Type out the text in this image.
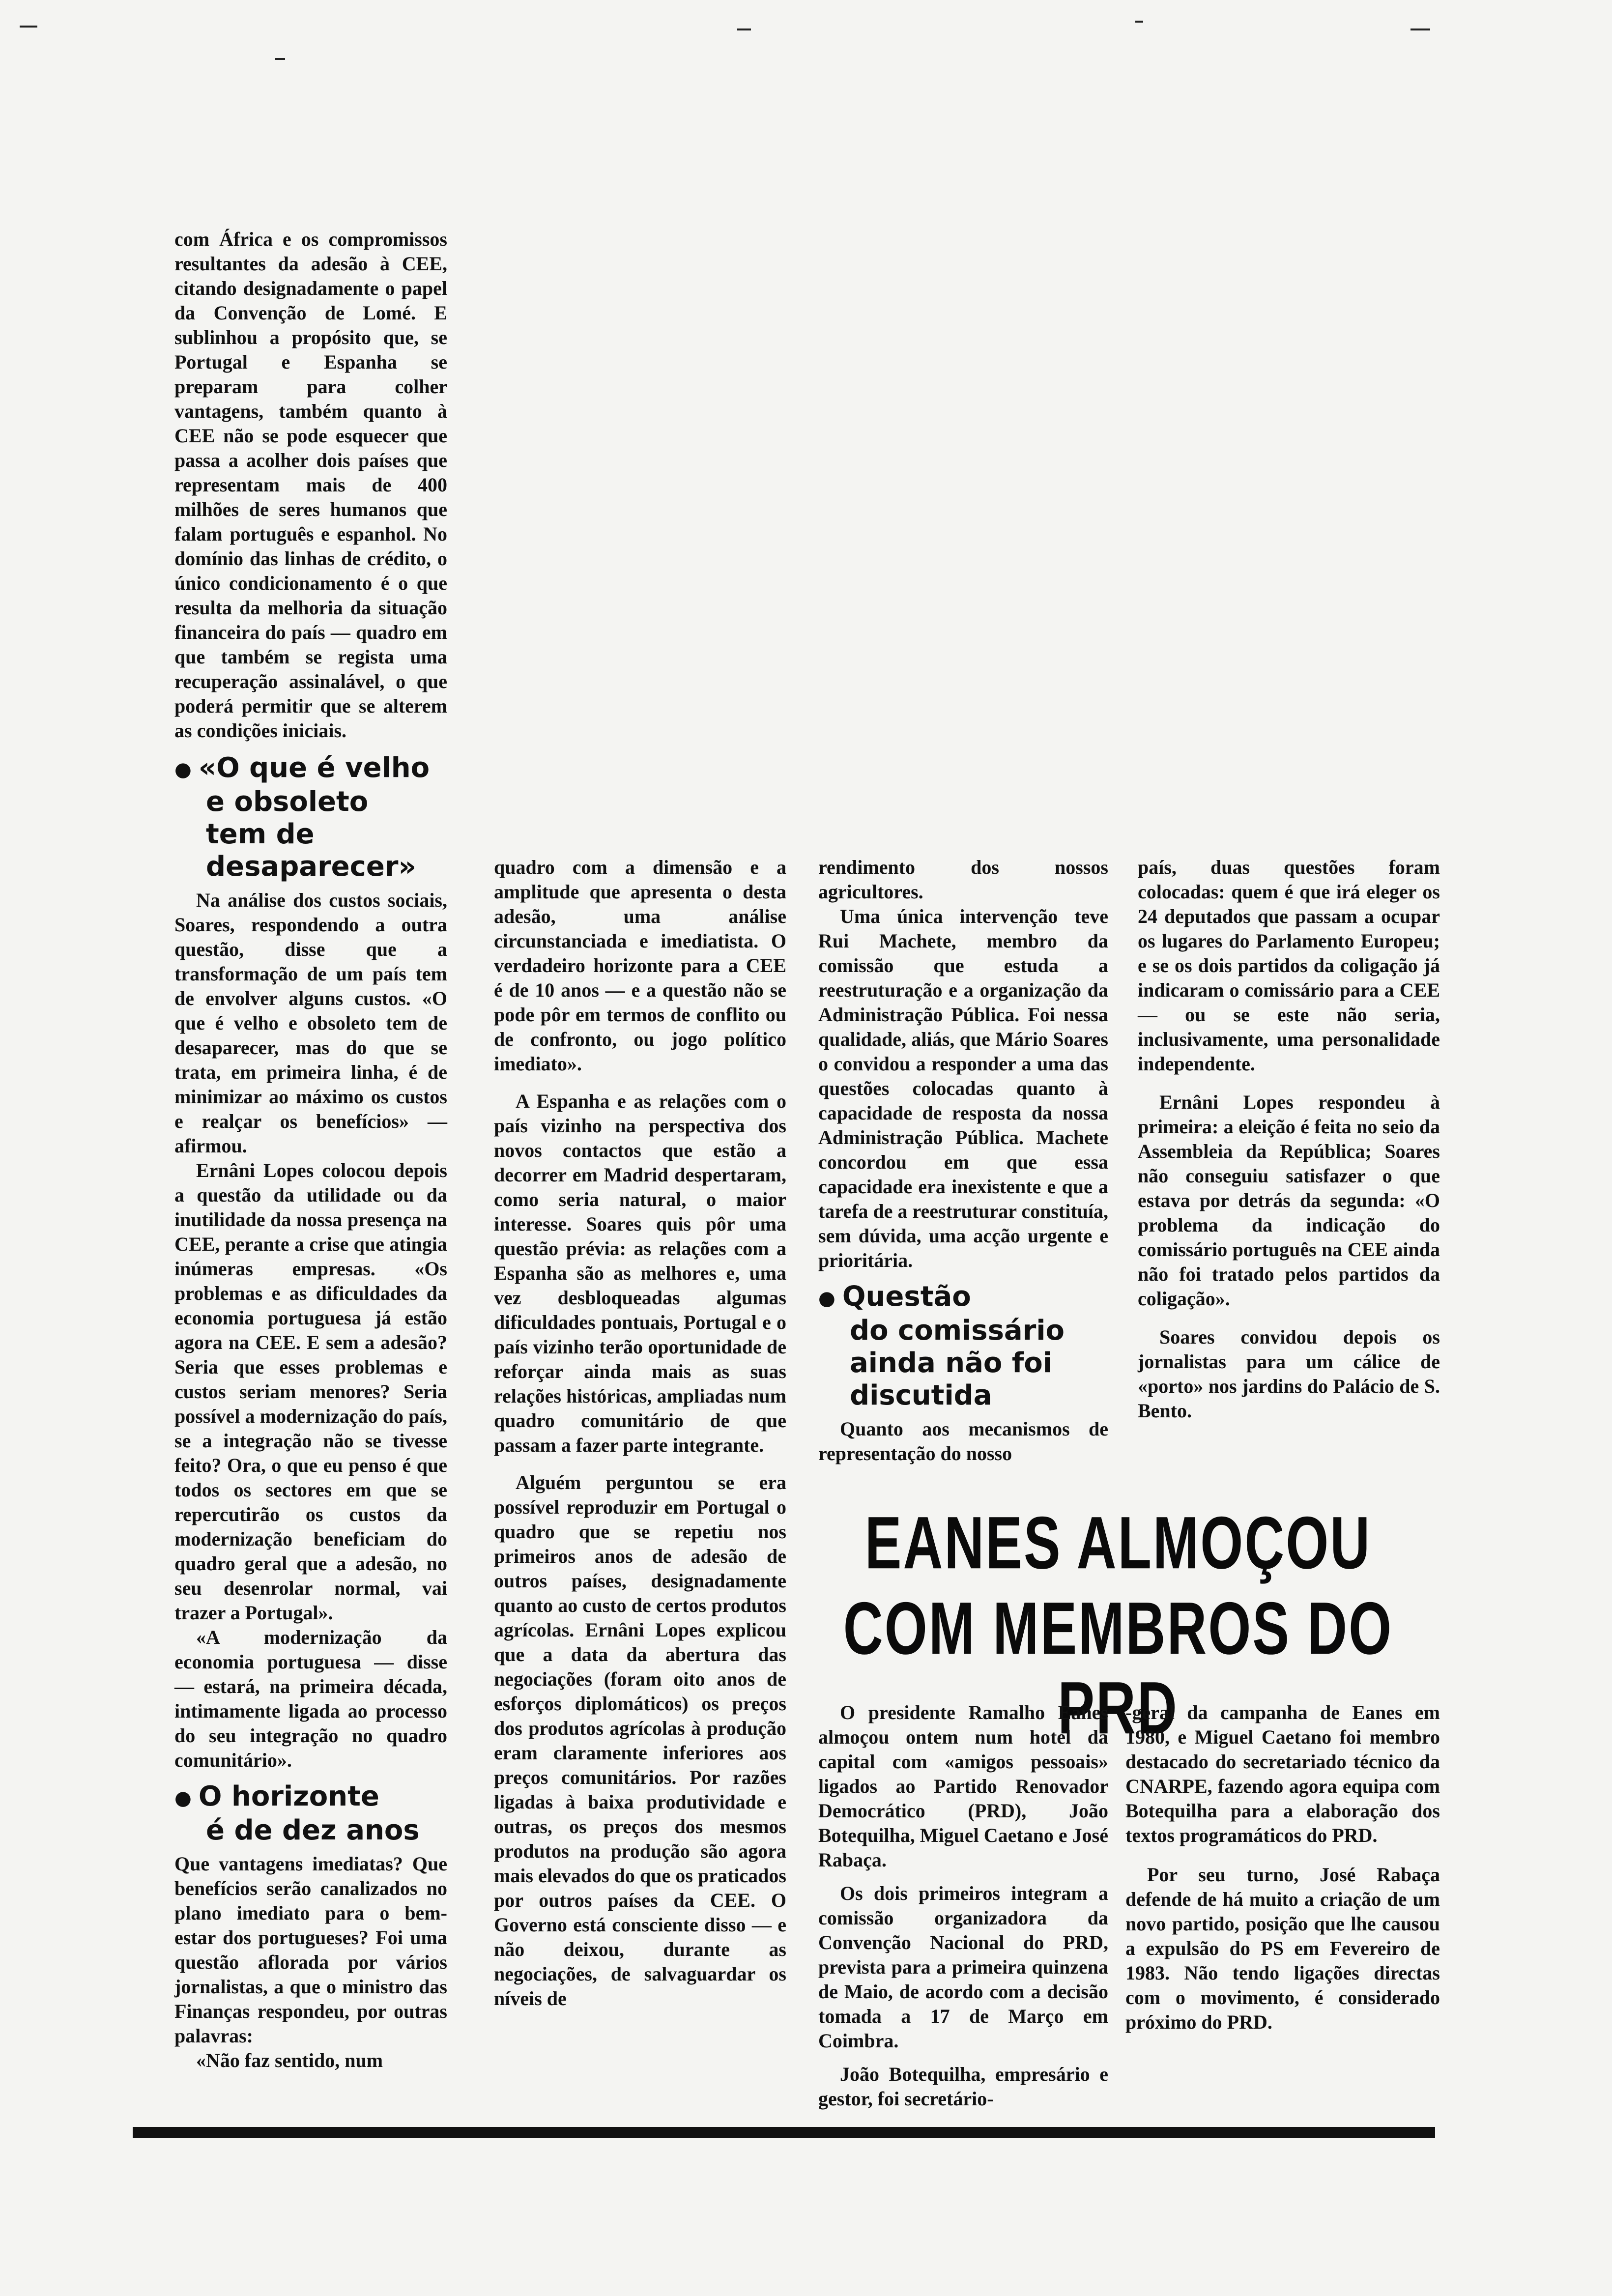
com África e os compromissos resultantes da adesão à CEE, citando designadamente o papel da Convenção de Lomé. E sublinhou a propósito que, se Portugal e Espanha se preparam para colher vantagens, também quanto à CEE não se pode esquecer que passa a acolher dois países que representam mais de 400 milhões de seres humanos que falam português e espanhol. No domínio das linhas de crédito, o único condicionamento é o que resulta da melhoria da situação financeira do país — quadro em que também se regista uma recuperação assinalável, o que poderá permitir que se alterem as condições iniciais.

● «O que é velho
e obsoleto
tem de
desaparecer»

Na análise dos custos sociais, Soares, respondendo a outra questão, disse que a transformação de um país tem de envolver alguns custos. «O que é velho e obsoleto tem de desaparecer, mas do que se trata, em primeira linha, é de minimizar ao máximo os custos e realçar os benefícios» — afirmou.

Ernâni Lopes colocou depois a questão da utilidade ou da inutilidade da nossa presença na CEE, perante a crise que atingia inúmeras empresas. «Os problemas e as dificuldades da economia portuguesa já estão agora na CEE. E sem a adesão? Seria que esses problemas e custos seriam menores? Seria possível a modernização do país, se a integração não se tivesse feito? Ora, o que eu penso é que todos os sectores em que se repercutirão os custos da modernização beneficiam do quadro geral que a adesão, no seu desenrolar normal, vai trazer a Portugal».

«A modernização da economia portuguesa — disse — estará, na primeira década, intimamente ligada ao processo do seu integração no quadro comunitário».

● O horizonte
é de dez anos

Que vantagens imediatas? Que benefícios serão canalizados no plano imediato para o bem-estar dos portugueses? Foi uma questão aflorada por vários jornalistas, a que o ministro das Finanças respondeu, por outras palavras:

«Não faz sentido, num

quadro com a dimensão e a amplitude que apresenta o desta adesão, uma análise circunstanciada e imediatista. O verdadeiro horizonte para a CEE é de 10 anos — e a questão não se pode pôr em termos de conflito ou de confronto, ou jogo político imediato».

A Espanha e as relações com o país vizinho na perspectiva dos novos contactos que estão a decorrer em Madrid despertaram, como seria natural, o maior interesse. Soares quis pôr uma questão prévia: as relações com a Espanha são as melhores e, uma vez desbloqueadas algumas dificuldades pontuais, Portugal e o país vizinho terão oportunidade de reforçar ainda mais as suas relações históricas, ampliadas num quadro comunitário de que passam a fazer parte integrante.

Alguém perguntou se era possível reproduzir em Portugal o quadro que se repetiu nos primeiros anos de adesão de outros países, designadamente quanto ao custo de certos produtos agrícolas. Ernâni Lopes explicou que a data da abertura das negociações (foram oito anos de esforços diplomáticos) os preços dos produtos agrícolas à produção eram claramente inferiores aos preços comunitários. Por razões ligadas à baixa produtividade e outras, os preços dos mesmos produtos na produção são agora mais elevados do que os praticados por outros países da CEE. O Governo está consciente disso — e não deixou, durante as negociações, de salvaguardar os níveis de

rendimento dos nossos agricultores.

Uma única intervenção teve Rui Machete, membro da comissão que estuda a reestruturação e a organização da Administração Pública. Foi nessa qualidade, aliás, que Mário Soares o convidou a responder a uma das questões colocadas quanto à capacidade de resposta da nossa Administração Pública. Machete concordou em que essa capacidade era inexistente e que a tarefa de a reestruturar constituía, sem dúvida, uma acção urgente e prioritária.

● Questão
do comissário
ainda não foi
discutida

Quanto aos mecanismos de representação do nosso

país, duas questões foram colocadas: quem é que irá eleger os 24 deputados que passam a ocupar os lugares do Parlamento Europeu; e se os dois partidos da coligação já indicaram o comissário para a CEE — ou se este não seria, inclusivamente, uma personalidade independente.

Ernâni Lopes respondeu à primeira: a eleição é feita no seio da Assembleia da República; Soares não conseguiu satisfazer o que estava por detrás da segunda: «O problema da indicação do comissário português na CEE ainda não foi tratado pelos partidos da coligação».

Soares convidou depois os jornalistas para um cálice de «porto» nos jardins do Palácio de S. Bento.

EANES ALMOÇOU
COM MEMBROS DO PRD

O presidente Ramalho Eanes almoçou ontem num hotel da capital com «amigos pessoais» ligados ao Partido Renovador Democrático (PRD), João Botequilha, Miguel Caetano e José Rabaça.

Os dois primeiros integram a comissão organizadora da Convenção Nacional do PRD, prevista para a primeira quinzena de Maio, de acordo com a decisão tomada a 17 de Março em Coimbra.

João Botequilha, empresário e gestor, foi secretário-

-geral da campanha de Eanes em 1980, e Miguel Caetano foi membro destacado do secretariado técnico da CNARPE, fazendo agora equipa com Botequilha para a elaboração dos textos programáticos do PRD.

Por seu turno, José Rabaça defende de há muito a criação de um novo partido, posição que lhe causou a expulsão do PS em Fevereiro de 1983. Não tendo ligações directas com o movimento, é considerado próximo do PRD.
